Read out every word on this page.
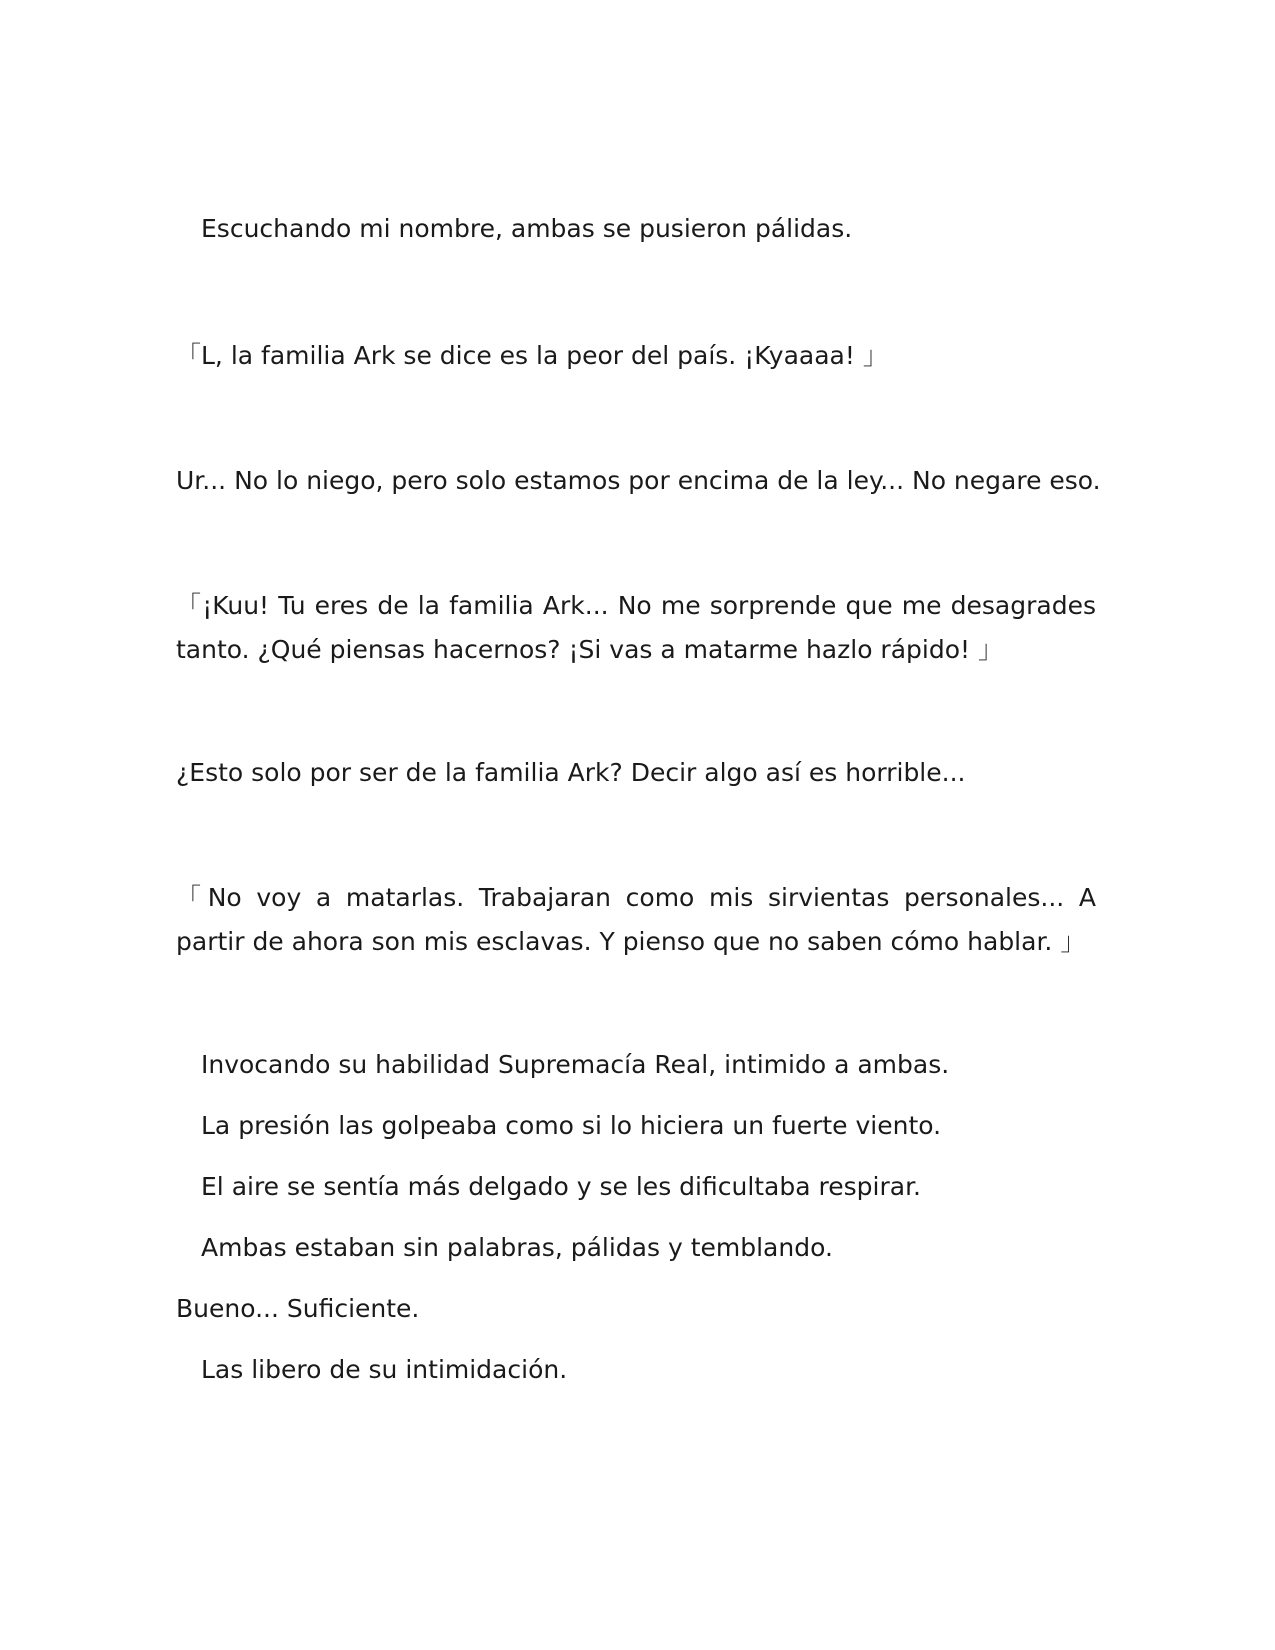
Escuchando mi nombre, ambas se pusieron pálidas.

「L, la familia Ark se dice es la peor del país. ¡Kyaaaa! 」

Ur... No lo niego, pero solo estamos por encima de la ley... No negare eso.

「¡Kuu! Tu eres de la familia Ark... No me sorprende que me desagrades tanto. ¿Qué piensas hacernos? ¡Si vas a matarme hazlo rápido! 」

¿Esto solo por ser de la familia Ark? Decir algo así es horrible...

「No voy a matarlas. Trabajaran como mis sirvientas personales... A partir de ahora son mis esclavas. Y pienso que no saben cómo hablar. 」

Invocando su habilidad Supremacía Real, intimido a ambas.

La presión las golpeaba como si lo hiciera un fuerte viento.

El aire se sentía más delgado y se les dificultaba respirar.

Ambas estaban sin palabras, pálidas y temblando.

Bueno... Suficiente.

Las libero de su intimidación.
